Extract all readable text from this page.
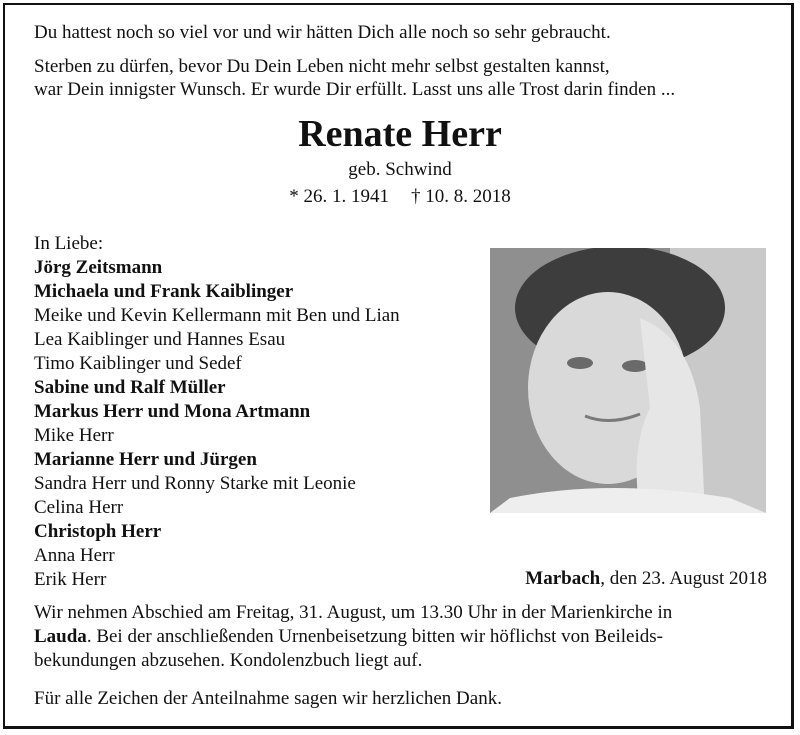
Du hattest noch so viel vor und wir hätten Dich alle noch so sehr gebraucht.
Sterben zu dürfen, bevor Du Dein Leben nicht mehr selbst gestalten kannst,
war Dein innigster Wunsch. Er wurde Dir erfüllt. Lasst uns alle Trost darin finden ...
Renate Herr
geb. Schwind
* 26. 1. 1941 † 10. 8. 2018
In Liebe:
Jörg Zeitsmann
Michaela und Frank Kaiblinger
Meike und Kevin Kellermann mit Ben und Lian
Lea Kaiblinger und Hannes Esau
Timo Kaiblinger und Sedef
Sabine und Ralf Müller
Markus Herr und Mona Artmann
Mike Herr
Marianne Herr und Jürgen
Sandra Herr und Ronny Starke mit Leonie
Celina Herr
Christoph Herr
Anna Herr
Erik Herr	Marbach, den 23. August 2018
Wir nehmen Abschied am Freitag, 31. August, um 13.30 Uhr in der Marienkirche in
Lauda. Bei der anschließenden Urnenbeisetzung bitten wir höflichst von Beileids-
bekundungen abzusehen. Kondolenzbuch liegt auf.
Für alle Zeichen der Anteilnahme sagen wir herzlichen Dank.
